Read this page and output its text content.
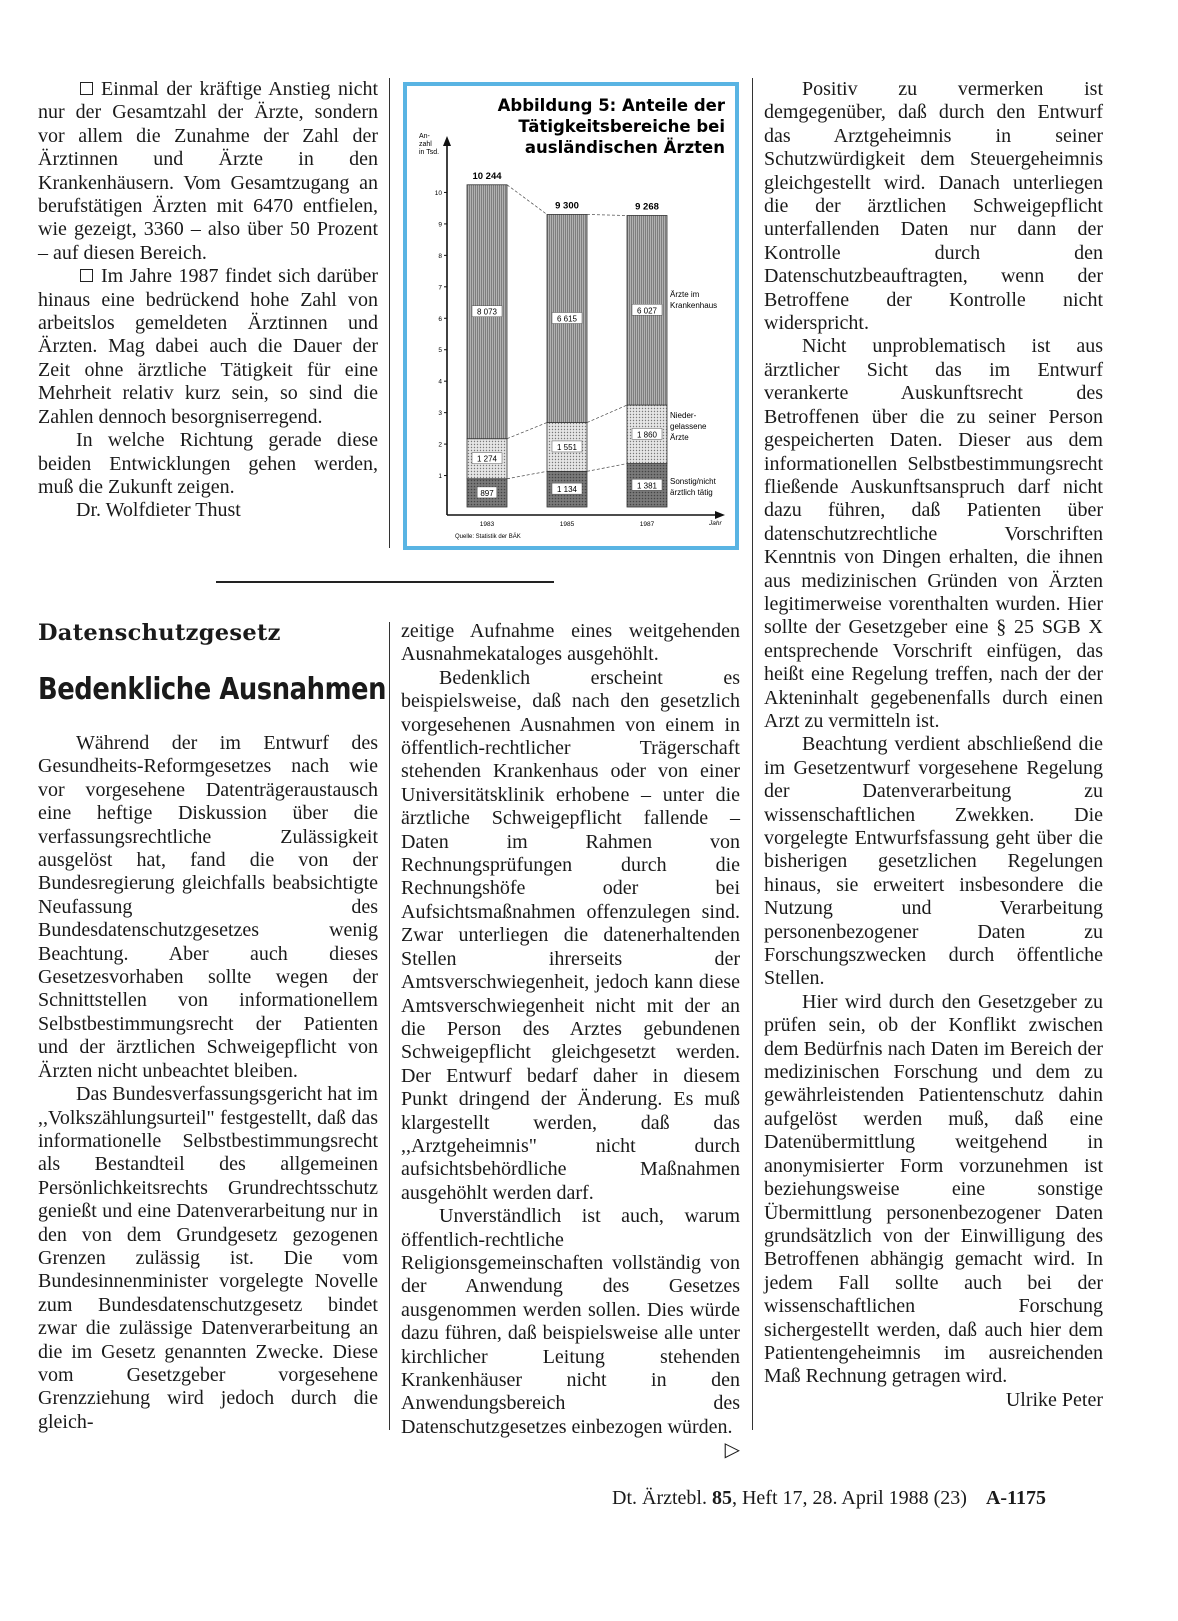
Einmal der kräftige Anstieg nicht nur der Gesamtzahl der Ärzte, sondern vor allem die Zunahme der Zahl der Ärztinnen und Ärzte in den Krankenhäusern. Vom Gesamtzugang an berufstätigen Ärzten mit 6470 entfielen, wie gezeigt, 3360 – also über 50 Prozent – auf diesen Bereich.

Im Jahre 1987 findet sich darüber hinaus eine bedrückend hohe Zahl von arbeitslos gemeldeten Ärztinnen und Ärzten. Mag dabei auch die Dauer der Zeit ohne ärztliche Tätigkeit für eine Mehrheit relativ kurz sein, so sind die Zahlen dennoch besorgniserregend.

In welche Richtung gerade diese beiden Entwicklungen gehen werden, muß die Zukunft zeigen.

Dr. Wolfdieter Thust

Abbildung 5: Anteile der
Tätigkeitsbereiche bei
ausländischen Ärzten
An-
zahl
in Tsd.
1
2
3
4
5
6
7
8
9
10
897
1 274
8 073
10 244
1983
1 134
1 551
6 615
9 300
1985
1 381
1 860
6 027
9 268
1987	Jahr
Quelle: Statistik der BÄK
Ärzte im
Krankenhaus
Nieder-
gelassene
Ärzte
Sonstig/nicht
ärztlich tätig
Datenschutzgesetz
Bedenkliche Ausnahmen

Während der im Entwurf des Gesundheits-Reformgesetzes nach wie vor vorgesehene Datenträgeraustausch eine heftige Diskussion über die verfassungsrechtliche Zulässigkeit ausgelöst hat, fand die von der Bundesregierung gleichfalls beabsichtigte Neufassung des Bundesdatenschutzgesetzes wenig Beachtung. Aber auch dieses Gesetzesvorhaben sollte wegen der Schnittstellen von informationellem Selbstbestimmungsrecht der Patienten und der ärztlichen Schweigepflicht von Ärzten nicht unbeachtet bleiben.

Das Bundesverfassungsgericht hat im ,,Volkszählungsurteil" festgestellt, daß das informationelle Selbstbestimmungsrecht als Bestandteil des allgemeinen Persönlichkeitsrechts Grundrechtsschutz genießt und eine Datenverarbeitung nur in den von dem Grundgesetz gezogenen Grenzen zulässig ist. Die vom Bundesinnenminister vorgelegte Novelle zum Bundesdatenschutzgesetz bindet zwar die zulässige Datenverarbeitung an die im Gesetz genannten Zwecke. Diese vom Gesetzgeber vorgesehene Grenzziehung wird jedoch durch die gleich-

zeitige Aufnahme eines weitgehenden Ausnahmekataloges ausgehöhlt.

Bedenklich erscheint es beispielsweise, daß nach den gesetzlich vorgesehenen Ausnahmen von einem in öffentlich-rechtlicher Trägerschaft stehenden Krankenhaus oder von einer Universitätsklinik erhobene – unter die ärztliche Schweigepflicht fallende – Daten im Rahmen von Rechnungsprüfungen durch die Rechnungshöfe oder bei Aufsichtsmaßnahmen offenzulegen sind. Zwar unterliegen die datenerhaltenden Stellen ihrerseits der Amtsverschwiegenheit, jedoch kann diese Amtsverschwiegenheit nicht mit der an die Person des Arztes gebundenen Schweigepflicht gleichgesetzt werden. Der Entwurf bedarf daher in diesem Punkt dringend der Änderung. Es muß klargestellt werden, daß das ,,Arztgeheimnis" nicht durch aufsichtsbehördliche Maßnahmen ausgehöhlt werden darf.

Unverständlich ist auch, warum öffentlich-rechtliche Religionsgemeinschaften vollständig von der Anwendung des Gesetzes ausgenommen werden sollen. Dies würde dazu führen, daß beispielsweise alle unter kirchlicher Leitung stehenden Krankenhäuser nicht in den Anwendungsbereich des Datenschutzgesetzes einbezogen würden.
▷

Positiv zu vermerken ist demgegenüber, daß durch den Entwurf das Arztgeheimnis in seiner Schutzwürdigkeit dem Steuergeheimnis gleichgestellt wird. Danach unterliegen die der ärztlichen Schweigepflicht unterfallenden Daten nur dann der Kontrolle durch den Datenschutzbeauftragten, wenn der Betroffene der Kontrolle nicht widerspricht.

Nicht unproblematisch ist aus ärztlicher Sicht das im Entwurf verankerte Auskunftsrecht des Betroffenen über die zu seiner Person gespeicherten Daten. Dieser aus dem informationellen Selbstbestimmungsrecht fließende Auskunftsanspruch darf nicht dazu führen, daß Patienten über datenschutzrechtliche Vorschriften Kenntnis von Dingen erhalten, die ihnen aus medizinischen Gründen von Ärzten legitimerweise vorenthalten wurden. Hier sollte der Gesetzgeber eine § 25 SGB X entsprechende Vorschrift einfügen, das heißt eine Regelung treffen, nach der der Akteninhalt gegebenenfalls durch einen Arzt zu vermitteln ist.

Beachtung verdient abschließend die im Gesetzentwurf vorgesehene Regelung der Datenverarbeitung zu wissenschaftlichen Zwekken. Die vorgelegte Entwurfsfassung geht über die bisherigen gesetzlichen Regelungen hinaus, sie erweitert insbesondere die Nutzung und Verarbeitung personenbezogener Daten zu Forschungszwecken durch öffentliche Stellen.

Hier wird durch den Gesetzgeber zu prüfen sein, ob der Konflikt zwischen dem Bedürfnis nach Daten im Bereich der medizinischen Forschung und dem zu gewährleistenden Patientenschutz dahin aufgelöst werden muß, daß eine Datenübermittlung weitgehend in anonymisierter Form vorzunehmen ist beziehungsweise eine sonstige Übermittlung personenbezogener Daten grundsätzlich von der Einwilligung des Betroffenen abhängig gemacht wird. In jedem Fall sollte auch bei der wissenschaftlichen Forschung sichergestellt werden, daß auch hier dem Patientengeheimnis im ausreichenden Maß Rechnung getragen wird.
Ulrike Peter

Dt. Ärztebl. 85, Heft 17, 28. April 1988 (23) A-1175
